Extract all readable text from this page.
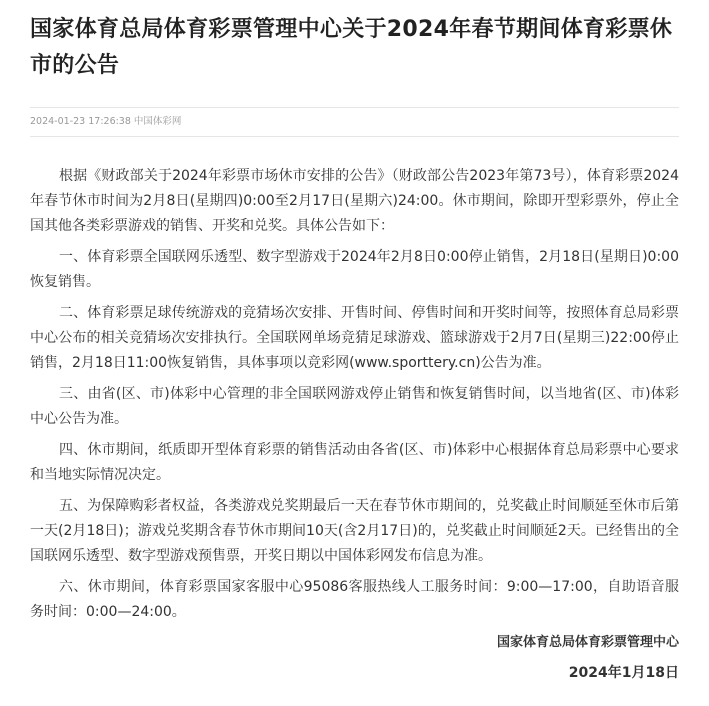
国家体育总局体育彩票管理中心关于2024年春节期间体育彩票休市的公告
2024-01-23 17:26:38 中国体彩网

根据《财政部关于2024年彩票市场休市安排的公告》（财政部公告2023年第73号），体育彩票2024年春节休市时间为2月8日(星期四)0:00至2月17日(星期六)24:00。休市期间，除即开型彩票外，停止全国其他各类彩票游戏的销售、开奖和兑奖。具体公告如下：

一、体育彩票全国联网乐透型、数字型游戏于2024年2月8日0:00停止销售，2月18日(星期日)0:00恢复销售。

二、体育彩票足球传统游戏的竞猜场次安排、开售时间、停售时间和开奖时间等，按照体育总局彩票中心公布的相关竞猜场次安排执行。全国联网单场竞猜足球游戏、篮球游戏于2月7日(星期三)22:00停止销售，2月18日11:00恢复销售，具体事项以竞彩网(www.sporttery.cn)公告为准。

三、由省(区、市)体彩中心管理的非全国联网游戏停止销售和恢复销售时间，以当地省(区、市)体彩中心公告为准。

四、休市期间，纸质即开型体育彩票的销售活动由各省(区、市)体彩中心根据体育总局彩票中心要求和当地实际情况决定。

五、为保障购彩者权益，各类游戏兑奖期最后一天在春节休市期间的，兑奖截止时间顺延至休市后第一天(2月18日)；游戏兑奖期含春节休市期间10天(含2月17日)的，兑奖截止时间顺延2天。已经售出的全国联网乐透型、数字型游戏预售票，开奖日期以中国体彩网发布信息为准。

六、休市期间，体育彩票国家客服中心95086客服热线人工服务时间：9:00—17:00，自助语音服务时间：0:00—24:00。

国家体育总局体育彩票管理中心

2024年1月18日
